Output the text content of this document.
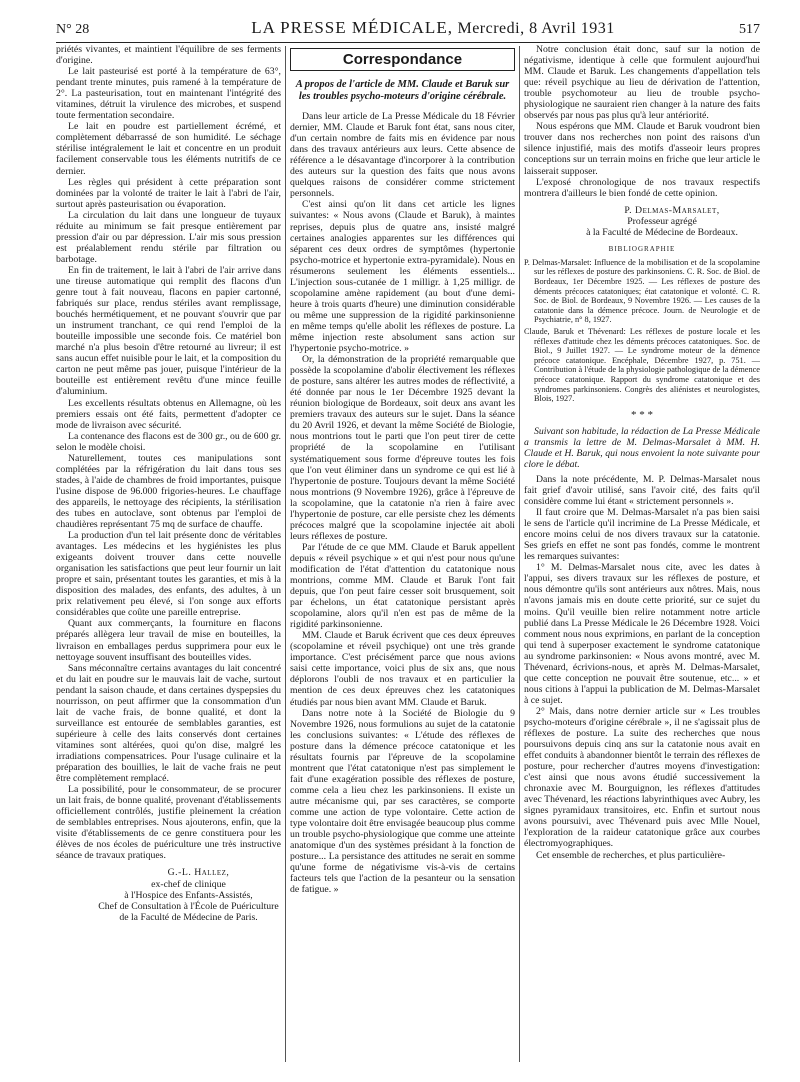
N° 28	LA PRESSE MÉDICALE, Mercredi, 8 Avril 1931	517

priétés vivantes, et maintient l'équilibre de ses ferments d'origine.

Le lait pasteurisé est porté à la température de 63°, pendant trente minutes, puis ramené à la température de 2°. La pasteurisation, tout en maintenant l'intégrité des vitamines, détruit la virulence des microbes, et suspend toute fermentation secondaire.

Le lait en poudre est partiellement écrémé, et complètement débarrassé de son humidité. Le séchage stérilise intégralement le lait et concentre en un produit facilement conservable tous les éléments nutritifs de ce dernier.

Les règles qui président à cette préparation sont dominées par la volonté de traiter le lait à l'abri de l'air, surtout après pasteurisation ou évaporation.

La circulation du lait dans une longueur de tuyaux réduite au minimum se fait presque entièrement par pression d'air ou par dépression. L'air mis sous pression est préalablement rendu stérile par filtration ou barbotage.

En fin de traitement, le lait à l'abri de l'air arrive dans une tireuse automatique qui remplit des flacons d'un genre tout à fait nouveau, flacons en papier cartonné, fabriqués sur place, rendus stériles avant remplissage, bouchés hermétiquement, et ne pouvant s'ouvrir que par un instrument tranchant, ce qui rend l'emploi de la bouteille impossible une seconde fois. Ce matériel bon marché n'a plus besoin d'être retourné au livreur; il est sans aucun effet nuisible pour le lait, et la composition du carton ne peut même pas jouer, puisque l'intérieur de la bouteille est entièrement revêtu d'une mince feuille d'aluminium.

Les excellents résultats obtenus en Allemagne, où les premiers essais ont été faits, permettent d'adopter ce mode de livraison avec sécurité.

La contenance des flacons est de 300 gr., ou de 600 gr. selon le modèle choisi.

Naturellement, toutes ces manipulations sont complétées par la réfrigération du lait dans tous ses stades, à l'aide de chambres de froid importantes, puisque l'usine dispose de 96.000 frigories-heures. Le chauffage des appareils, le nettoyage des récipients, la stérilisation des tubes en autoclave, sont obtenus par l'emploi de chaudières représentant 75 mq de surface de chauffe.

La production d'un tel lait présente donc de véritables avantages. Les médecins et les hygiénistes les plus exigeants doivent trouver dans cette nouvelle organisation les satisfactions que peut leur fournir un lait propre et sain, présentant toutes les garanties, et mis à la disposition des malades, des enfants, des adultes, à un prix relativement peu élevé, si l'on songe aux efforts considérables que coûte une pareille entreprise.

Quant aux commerçants, la fourniture en flacons préparés allègera leur travail de mise en bouteilles, la livraison en emballages perdus supprimera pour eux le nettoyage souvent insuffisant des bouteilles vides.

Sans méconnaître certains avantages du lait concentré et du lait en poudre sur le mauvais lait de vache, surtout pendant la saison chaude, et dans certaines dyspepsies du nourrisson, on peut affirmer que la consommation d'un lait de vache frais, de bonne qualité, et dont la surveillance est entourée de semblables garanties, est supérieure à celle des laits conservés dont certaines vitamines sont altérées, quoi qu'on dise, malgré les irradiations compensatrices. Pour l'usage culinaire et la préparation des bouillies, le lait de vache frais ne peut être complètement remplacé.

La possibilité, pour le consommateur, de se procurer un lait frais, de bonne qualité, provenant d'établissements officiellement contrôlés, justifie pleinement la création de semblables entreprises. Nous ajouterons, enfin, que la visite d'établissements de ce genre constituera pour les élèves de nos écoles de puériculture une très instructive séance de travaux pratiques.

G.-L. Hallez,
ex-chef de clinique
à l'Hospice des Enfants-Assistés,
Chef de Consultation à l'École de Puériculture
de la Faculté de Médecine de Paris.
Correspondance

A propos de l'article de MM. Claude et Baruk sur les troubles psycho-moteurs d'origine cérébrale.

Dans leur article de La Presse Médicale du 18 Février dernier, MM. Claude et Baruk font état, sans nous citer, d'un certain nombre de faits mis en évidence par nous dans des travaux antérieurs aux leurs. Cette absence de référence a le désavantage d'incorporer à la contribution des auteurs sur la question des faits que nous avons quelques raisons de considérer comme strictement personnels.

C'est ainsi qu'on lit dans cet article les lignes suivantes: « Nous avons (Claude et Baruk), à maintes reprises, depuis plus de quatre ans, insisté malgré certaines analogies apparentes sur les différences qui séparent ces deux ordres de symptômes (hypertonie psycho-motrice et hypertonie extra-pyramidale). Nous en résumerons seulement les éléments essentiels... L'injection sous-cutanée de 1 milligr. à 1,25 milligr. de scopolamine amène rapidement (au bout d'une demi-heure à trois quarts d'heure) une diminution considérable ou même une suppression de la rigidité parkinsonienne en même temps qu'elle abolit les réflexes de posture. La même injection reste absolument sans action sur l'hypertonie psycho-motrice. »

Or, la démonstration de la propriété remarquable que possède la scopolamine d'abolir électivement les réflexes de posture, sans altérer les autres modes de réflectivité, a été donnée par nous le 1er Décembre 1925 devant la réunion biologique de Bordeaux, soit deux ans avant les premiers travaux des auteurs sur le sujet. Dans la séance du 20 Avril 1926, et devant la même Société de Biologie, nous montrions tout le parti que l'on peut tirer de cette propriété de la scopolamine en l'utilisant systématiquement sous forme d'épreuve toutes les fois que l'on veut éliminer dans un syndrome ce qui est lié à l'hypertonie de posture. Toujours devant la même Société nous montrions (9 Novembre 1926), grâce à l'épreuve de la scopolamine, que la catatonie n'a rien à faire avec l'hypertonie de posture, car elle persiste chez les déments précoces malgré que la scopolamine injectée ait aboli leurs réflexes de posture.

Par l'étude de ce que MM. Claude et Baruk appellent depuis « réveil psychique » et qui n'est pour nous qu'une modification de l'état d'attention du catatonique nous montrions, comme MM. Claude et Baruk l'ont fait depuis, que l'on peut faire cesser soit brusquement, soit par échelons, un état catatonique persistant après scopolamine, alors qu'il n'en est pas de même de la rigidité parkinsonienne.

MM. Claude et Baruk écrivent que ces deux épreuves (scopolamine et réveil psychique) ont une très grande importance. C'est précisément parce que nous avions saisi cette importance, voici plus de six ans, que nous déplorons l'oubli de nos travaux et en particulier la mention de ces deux épreuves chez les catatoniques étudiés par nous bien avant MM. Claude et Baruk.

Dans notre note à la Société de Biologie du 9 Novembre 1926, nous formulions au sujet de la catatonie les conclusions suivantes: « L'étude des réflexes de posture dans la démence précoce catatonique et les résultats fournis par l'épreuve de la scopolamine montrent que l'état catatonique n'est pas simplement le fait d'une exagération possible des réflexes de posture, comme cela a lieu chez les parkinsoniens. Il existe un autre mécanisme qui, par ses caractères, se comporte comme une action de type volontaire. Cette action de type volontaire doit être envisagée beaucoup plus comme un trouble psycho-physiologique que comme une atteinte anatomique d'un des systèmes présidant à la fonction de posture... La persistance des attitudes ne serait en somme qu'une forme de négativisme vis-à-vis de certains facteurs tels que l'action de la pesanteur ou la sensation de fatigue. »

Notre conclusion était donc, sauf sur la notion de négativisme, identique à celle que formulent aujourd'hui MM. Claude et Baruk. Les changements d'appellation tels que: réveil psychique au lieu de dérivation de l'attention, trouble psychomoteur au lieu de trouble psycho-physiologique ne sauraient rien changer à la nature des faits observés par nous pas plus qu'à leur antériorité.

Nous espérons que MM. Claude et Baruk voudront bien trouver dans nos recherches non point des raisons d'un silence injustifié, mais des motifs d'asseoir leurs propres conceptions sur un terrain moins en friche que leur article le laisserait supposer.

L'exposé chronologique de nos travaux respectifs montrera d'ailleurs le bien fondé de cette opinion.

P. Delmas-Marsalet,
Professeur agrégé
à la Faculté de Médecine de Bordeaux.

BIBLIOGRAPHIE

P. Delmas-Marsalet: Influence de la mobilisation et de la scopolamine sur les réflexes de posture des parkinsoniens. C. R. Soc. de Biol. de Bordeaux, 1er Décembre 1925. — Les réflexes de posture des déments précoces catatoniques; état catatonique et volonté. C. R. Soc. de Biol. de Bordeaux, 9 Novembre 1926. — Les causes de la catatonie dans la démence précoce. Journ. de Neurologie et de Psychiatrie, n° 8, 1927.

Claude, Baruk et Thévenard: Les réflexes de posture locale et les réflexes d'attitude chez les déments précoces catatoniques. Soc. de Biol., 9 Juillet 1927. — Le syndrome moteur de la démence précoce catatonique. Encéphale, Décembre 1927, p. 751. — Contribution à l'étude de la physiologie pathologique de la démence précoce catatonique. Rapport du syndrome catatonique et des syndromes parkinsoniens. Congrès des aliénistes et neurologistes, Blois, 1927.

* * *

Suivant son habitude, la rédaction de La Presse Médicale a transmis la lettre de M. Delmas-Marsalet à MM. H. Claude et H. Baruk, qui nous envoient la note suivante pour clore le débat.

Dans la note précédente, M. P. Delmas-Marsalet nous fait grief d'avoir utilisé, sans l'avoir cité, des faits qu'il considère comme lui étant « strictement personnels ».

Il faut croire que M. Delmas-Marsalet n'a pas bien saisi le sens de l'article qu'il incrimine de La Presse Médicale, et encore moins celui de nos divers travaux sur la catatonie. Ses griefs en effet ne sont pas fondés, comme le montrent les remarques suivantes:

1° M. Delmas-Marsalet nous cite, avec les dates à l'appui, ses divers travaux sur les réflexes de posture, et nous démontre qu'ils sont antérieurs aux nôtres. Mais, nous n'avons jamais mis en doute cette priorité, sur ce sujet du moins. Qu'il veuille bien relire notamment notre article publié dans La Presse Médicale le 26 Décembre 1928. Voici comment nous nous exprimions, en parlant de la conception qui tend à superposer exactement le syndrome catatonique au syndrome parkinsonien: « Nous avons montré, avec M. Thévenard, écrivions-nous, et après M. Delmas-Marsalet, que cette conception ne pouvait être soutenue, etc... » et nous citions à l'appui la publication de M. Delmas-Marsalet à ce sujet.

2° Mais, dans notre dernier article sur « Les troubles psycho-moteurs d'origine cérébrale », il ne s'agissait plus de réflexes de posture. La suite des recherches que nous poursuivons depuis cinq ans sur la catatonie nous avait en effet conduits à abandonner bientôt le terrain des réflexes de posture, pour rechercher d'autres moyens d'investigation: c'est ainsi que nous avons étudié successivement la chronaxie avec M. Bourguignon, les réflexes d'attitudes avec Thévenard, les réactions labyrinthiques avec Aubry, les signes pyramidaux transitoires, etc. Enfin et surtout nous avons poursuivi, avec Thévenard puis avec Mlle Nouel, l'exploration de la raideur catatonique grâce aux courbes électromyographiques.

Cet ensemble de recherches, et plus particulière-
